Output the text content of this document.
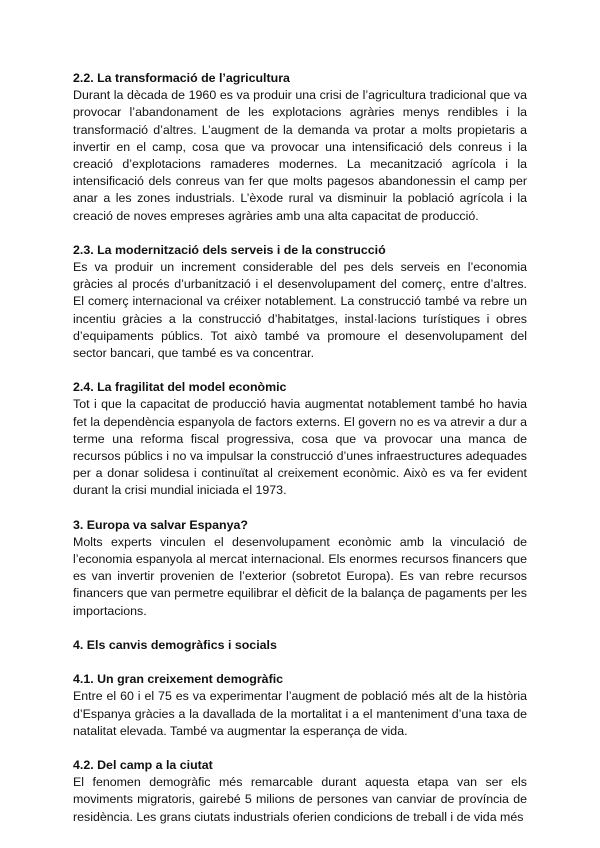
2.2. La transformació de l’agricultura

Durant la dècada de 1960 es va produir una crisi de l’agricultura tradicional que va provocar l’abandonament de les explotacions agràries menys rendibles i la transformació d’altres. L’augment de la demanda va protar a molts propietaris a invertir en el camp, cosa que va provocar una intensificació dels conreus i la creació d’explotacions ramaderes modernes. La mecanització agrícola i la intensificació dels conreus van fer que molts pagesos abandonessin el camp per anar a les zones industrials. L’èxode rural va disminuir la població agrícola i la creació de noves empreses agràries amb una alta capacitat de producció.

2.3. La modernització dels serveis i de la construcció

Es va produir un increment considerable del pes dels serveis en l’economia gràcies al procés d’urbanització i el desenvolupament del comerç, entre d’altres. El comerç internacional va créixer notablement. La construcció també va rebre un incentiu gràcies a la construcció d’habitatges, instal·lacions turístiques i obres d’equipaments públics. Tot això també va promoure el desenvolupament del sector bancari, que també es va concentrar.

2.4. La fragilitat del model econòmic

Tot i que la capacitat de producció havia augmentat notablement també ho havia fet la dependència espanyola de factors externs. El govern no es va atrevir a dur a terme una reforma fiscal progressiva, cosa que va provocar una manca de recursos públics i no va impulsar la construcció d’unes infraestructures adequades per a donar solidesa i continuïtat al creixement econòmic. Això es va fer evident durant la crisi mundial iniciada el 1973.

3. Europa va salvar Espanya?

Molts experts vinculen el desenvolupament econòmic amb la vinculació de l’economia espanyola al mercat internacional. Els enormes recursos financers que es van invertir provenien de l’exterior (sobretot Europa). Es van rebre recursos financers que van permetre equilibrar el dèficit de la balança de pagaments per les importacions.

4. Els canvis demogràfics i socials

4.1. Un gran creixement demogràfic

Entre el 60 i el 75 es va experimentar l’augment de població més alt de la història d’Espanya gràcies a la davallada de la mortalitat i a el manteniment d’una taxa de natalitat elevada. També va augmentar la esperança de vida.

4.2. Del camp a la ciutat

El fenomen demogràfic més remarcable durant aquesta etapa van ser els moviments migratoris, gairebé 5 milions de persones van canviar de província de residència. Les grans ciutats industrials oferien condicions de treball i de vida més
